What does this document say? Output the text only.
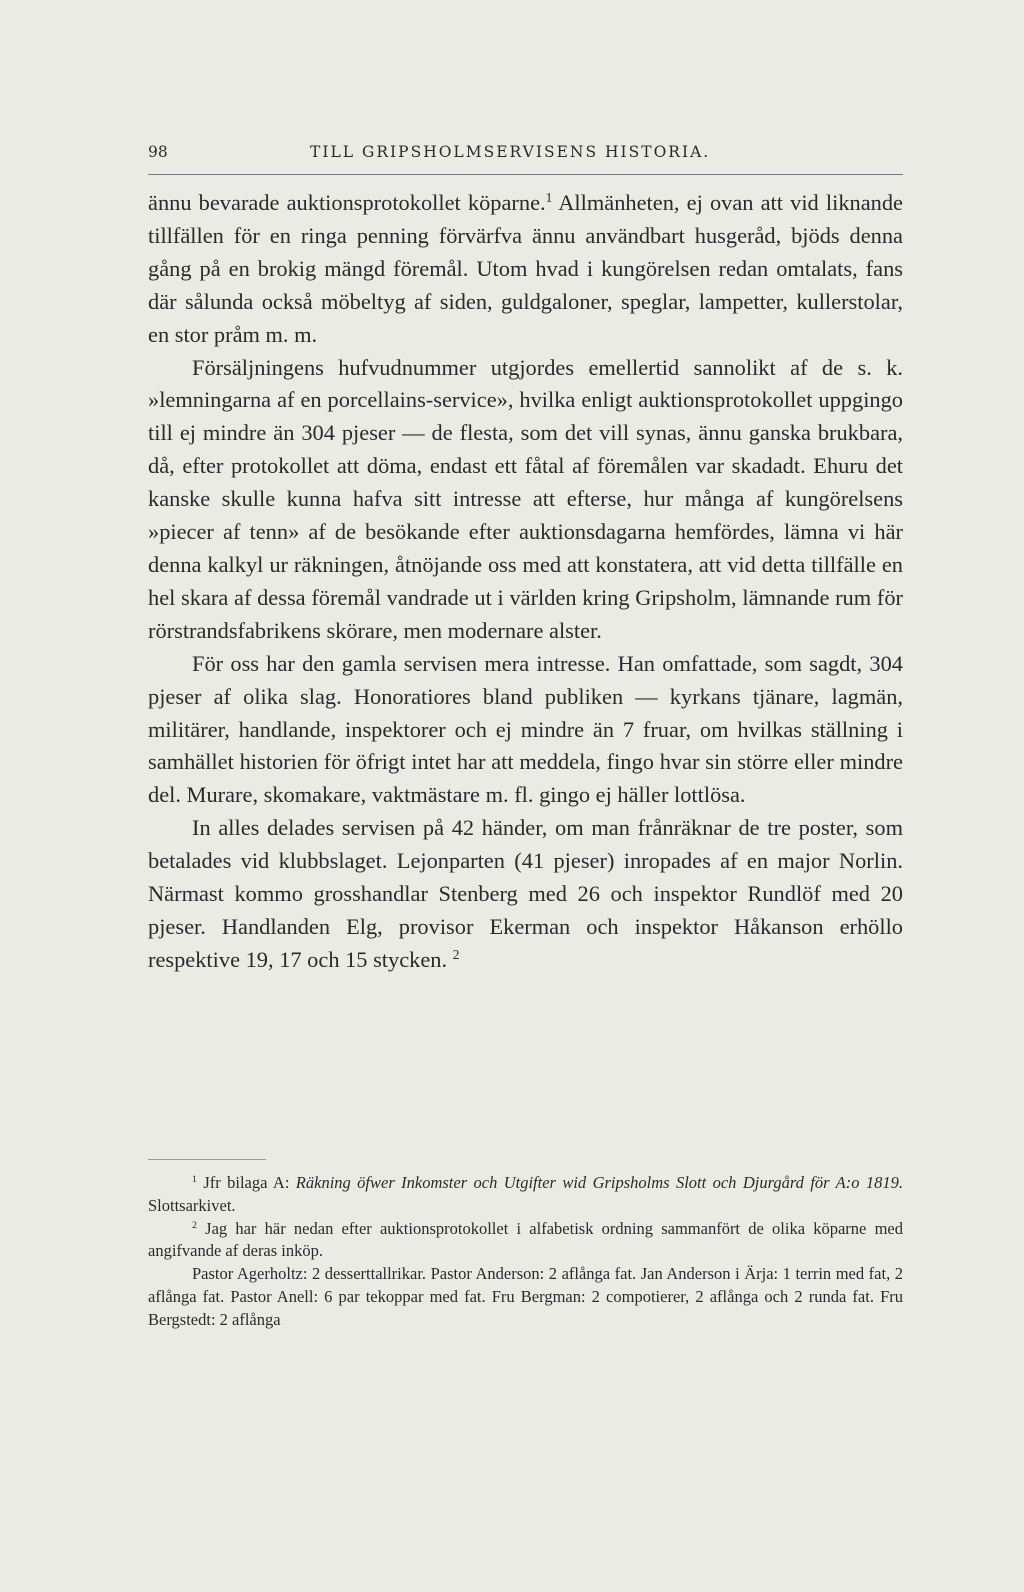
98	TILL GRIPSHOLMSERVISENS HISTORIA.

ännu bevarade auktionsprotokollet köparne.$^1$ Allmänheten, ej ovan att vid liknande tillfällen för en ringa penning förvärfva ännu användbart husgeråd, bjöds denna gång på en brokig mängd föremål. Utom hvad i kungörelsen redan omtalats, fans där sålunda också möbeltyg af siden, guldgaloner, speglar, lampetter, kullerstolar, en stor pråm m. m.

Försäljningens hufvudnummer utgjordes emellertid sannolikt af de s. k. »lemningarna af en porcellains-service», hvilka enligt auktionsprotokollet uppgingo till ej mindre än 304 pjeser — de flesta, som det vill synas, ännu ganska brukbara, då, efter protokollet att döma, endast ett fåtal af föremålen var skadadt. Ehuru det kanske skulle kunna hafva sitt intresse att efterse, hur många af kungörelsens »piecer af tenn» af de besökande efter auktionsdagarna hemfördes, lämna vi här denna kalkyl ur räkningen, åtnöjande oss med att konstatera, att vid detta tillfälle en hel skara af dessa föremål vandrade ut i världen kring Gripsholm, lämnande rum för rörstrandsfabrikens skörare, men modernare alster.

För oss har den gamla servisen mera intresse. Han omfattade, som sagdt, 304 pjeser af olika slag. Honoratiores bland publiken — kyrkans tjänare, lagmän, militärer, handlande, inspektorer och ej mindre än 7 fruar, om hvilkas ställning i samhället historien för öfrigt intet har att meddela, fingo hvar sin större eller mindre del. Murare, skomakare, vaktmästare m. fl. gingo ej häller lottlösa.

In alles delades servisen på 42 händer, om man frånräknar de tre poster, som betalades vid klubbslaget. Lejonparten (41 pjeser) inropades af en major Norlin. Närmast kommo grosshandlar Stenberg med 26 och inspektor Rundlöf med 20 pjeser. Handlanden Elg, provisor Ekerman och inspektor Håkanson erhöllo respektive 19, 17 och 15 stycken. $^2$

$^1$ Jfr bilaga A: Räkning öfwer Inkomster och Utgifter wid Gripsholms Slott och Djurgård för A:o 1819. Slottsarkivet.

$^2$ Jag har här nedan efter auktionsprotokollet i alfabetisk ordning sammanfört de olika köparne med angifvande af deras inköp.

Pastor Agerholtz: 2 desserttallrikar. Pastor Anderson: 2 aflånga fat. Jan Anderson i Ärja: 1 terrin med fat, 2 aflånga fat. Pastor Anell: 6 par tekoppar med fat. Fru Bergman: 2 compotierer, 2 aflånga och 2 runda fat. Fru Bergstedt: 2 aflånga
